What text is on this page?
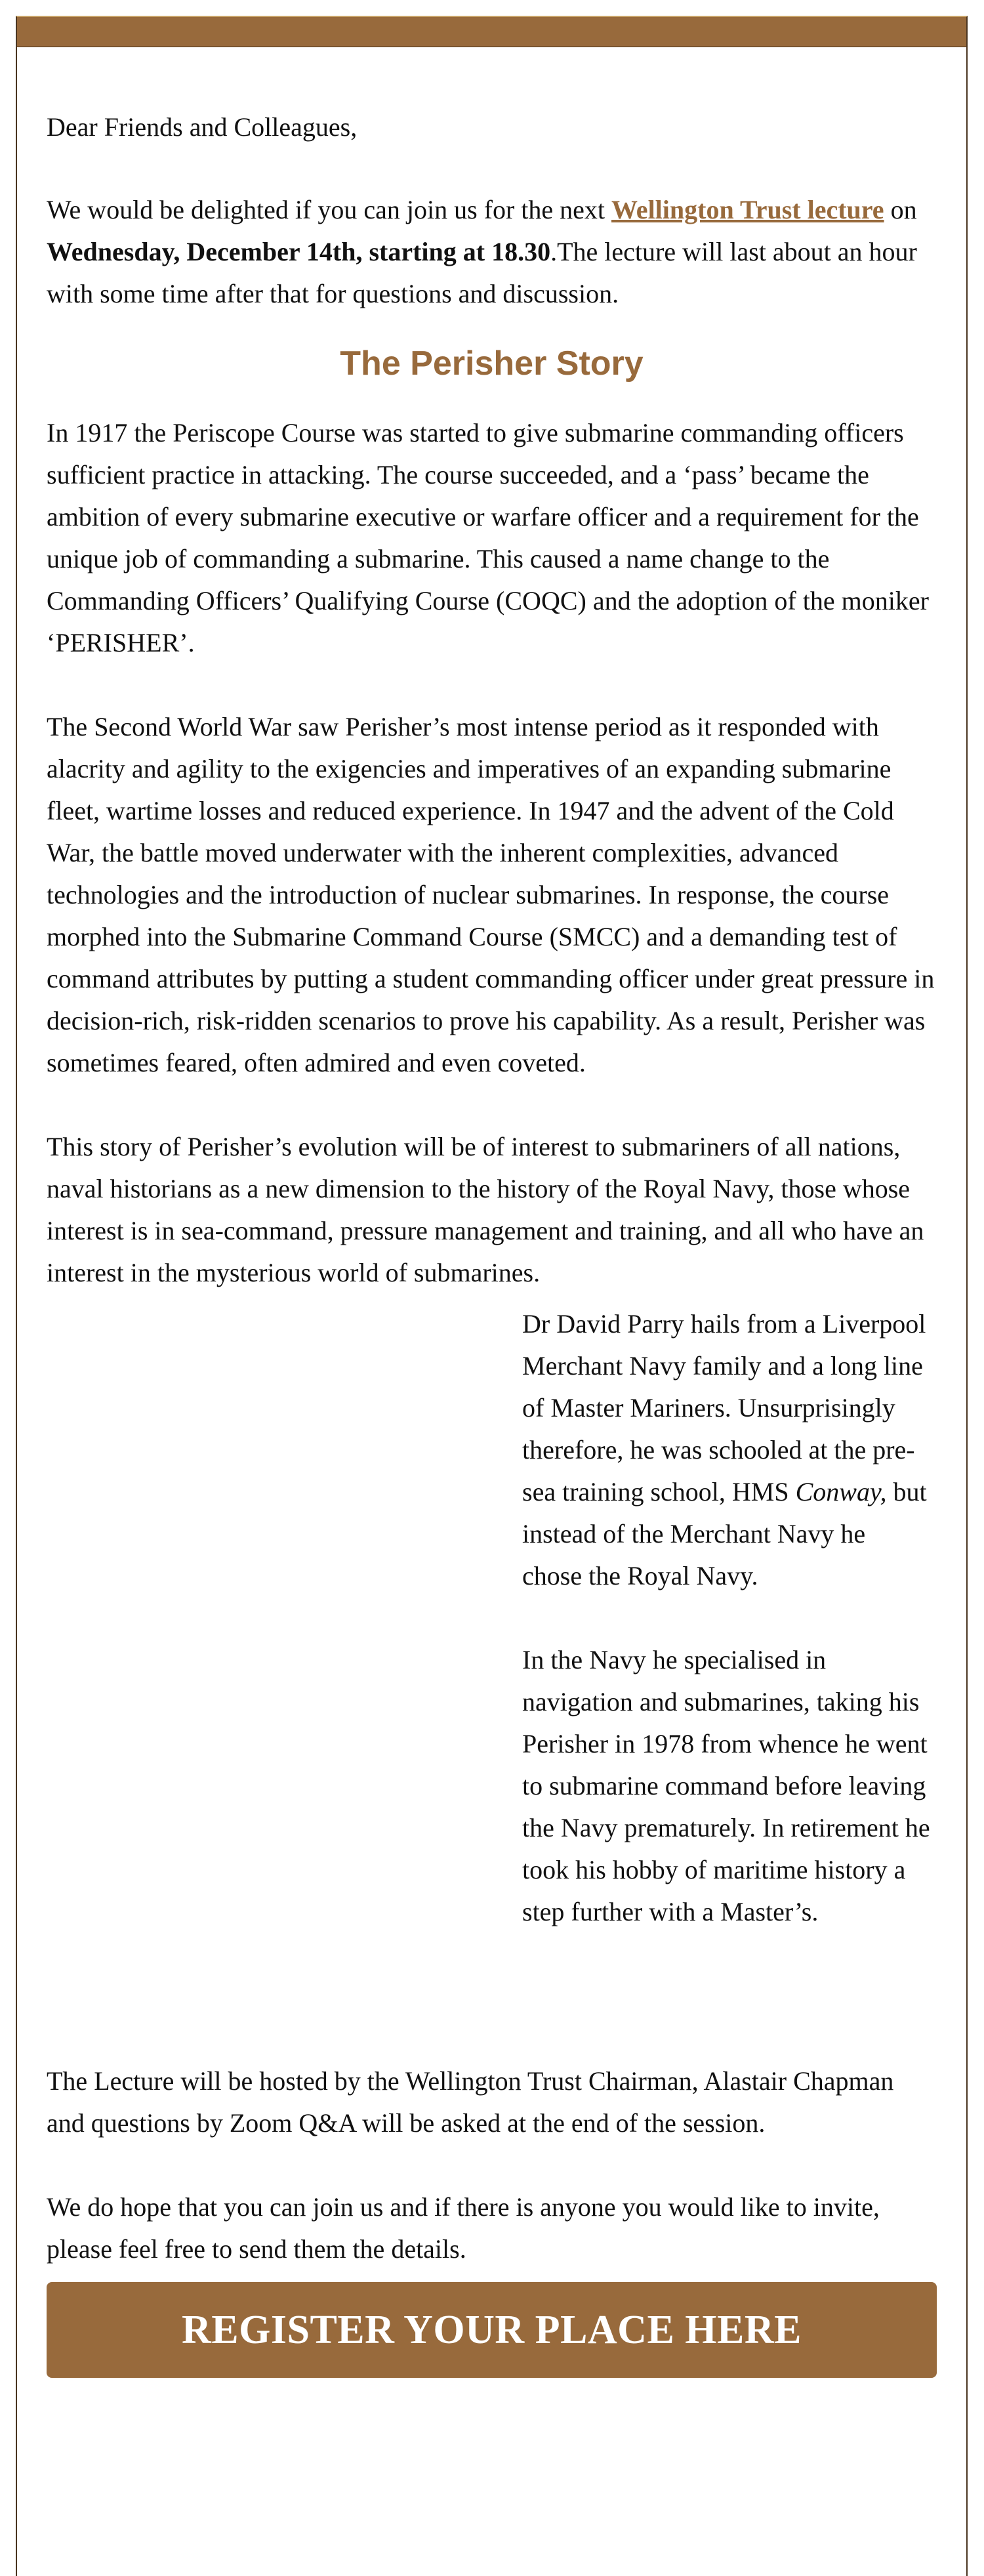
Dear Friends and Colleagues,

We would be delighted if you can join us for the next Wellington Trust lecture on Wednesday, December 14th, starting at 18.30.The lecture will last about an hour with some time after that for questions and discussion.

The Perisher Story

In 1917 the Periscope Course was started to give submarine commanding officers sufficient practice in attacking. The course succeeded, and a ‘pass’ became the ambition of every submarine executive or warfare officer and a requirement for the unique job of commanding a submarine. This caused a name change to the Commanding Officers’ Qualifying Course (COQC) and the adoption of the moniker ‘PERISHER’.

The Second World War saw Perisher’s most intense period as it responded with alacrity and agility to the exigencies and imperatives of an expanding submarine fleet, wartime losses and reduced experience. In 1947 and the advent of the Cold War, the battle moved underwater with the inherent complexities, advanced technologies and the introduction of nuclear submarines. In response, the course morphed into the Submarine Command Course (SMCC) and a demanding test of command attributes by putting a student commanding officer under great pressure in decision-rich, risk-ridden scenarios to prove his capability. As a result, Perisher was sometimes feared, often admired and even coveted.

This story of Perisher’s evolution will be of interest to submariners of all nations, naval historians as a new dimension to the history of the Royal Navy, those whose interest is in sea-command, pressure management and training, and all who have an interest in the mysterious world of submarines.

Dr David Parry hails from a Liverpool Merchant Navy family and a long line of Master Mariners. Unsurprisingly therefore, he was schooled at the pre-sea training school, HMS Conway, but instead of the Merchant Navy he chose the Royal Navy.

In the Navy he specialised in navigation and submarines, taking his Perisher in 1978 from whence he went to submarine command before leaving the Navy prematurely. In retirement he took his hobby of maritime history a step further with a Master’s.

The Lecture will be hosted by the Wellington Trust Chairman, Alastair Chapman and questions by Zoom Q&A will be asked at the end of the session.

We do hope that you can join us and if there is anyone you would like to invite, please feel free to send them the details.

REGISTER YOUR PLACE HERE
